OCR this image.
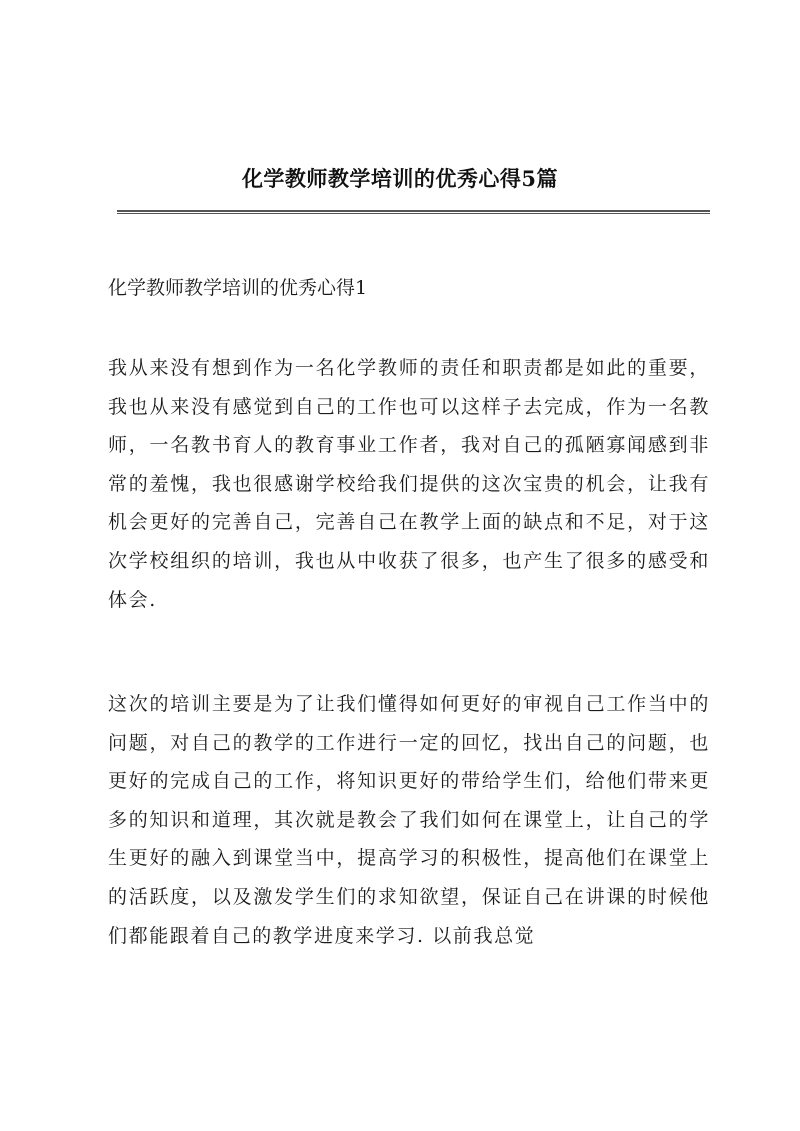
化学教师教学培训的优秀心得5篇
化学教师教学培训的优秀心得1
我从来没有想到作为一名化学教师的责任和职责都是如此的重要，我也从来没有感觉到自己的工作也可以这样子去完成，作为一名教师，一名教书育人的教育事业工作者，我对自己的孤陋寡闻感到非常的羞愧，我也很感谢学校给我们提供的这次宝贵的机会，让我有机会更好的完善自己，完善自己在教学上面的缺点和不足，对于这次学校组织的培训，我也从中收获了很多，也产生了很多的感受和体会.
这次的培训主要是为了让我们懂得如何更好的审视自己工作当中的问题，对自己的教学的工作进行一定的回忆，找出自己的问题，也更好的完成自己的工作，将知识更好的带给学生们，给他们带来更多的知识和道理，其次就是教会了我们如何在课堂上，让自己的学生更好的融入到课堂当中，提高学习的积极性，提高他们在课堂上的活跃度，以及激发学生们的求知欲望，保证自己在讲课的时候他们都能跟着自己的教学进度来学习. 以前我总觉
